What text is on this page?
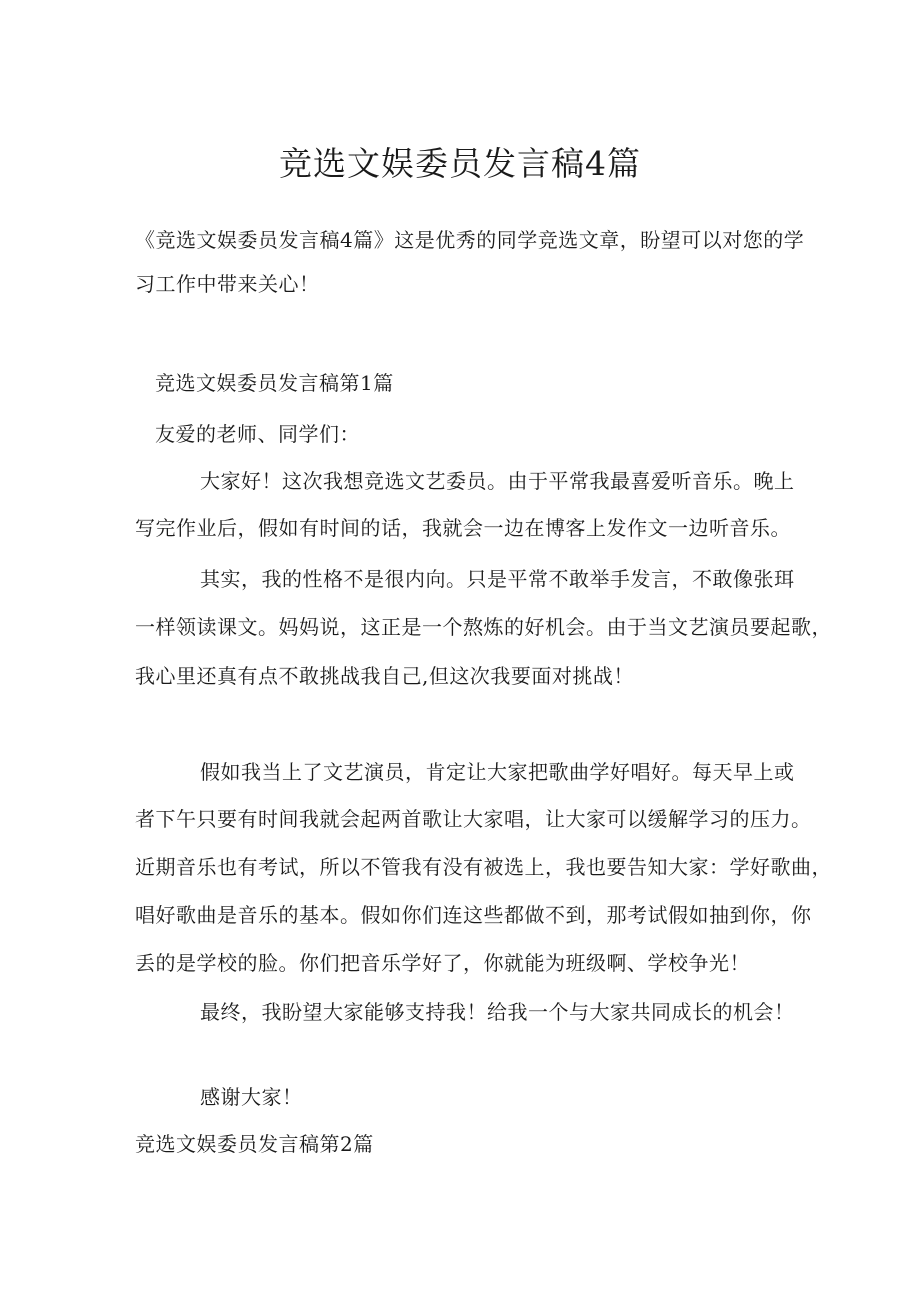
竞选文娱委员发言稿4篇
《竞选文娱委员发言稿4篇》这是优秀的同学竞选文章，盼望可以对您的学
习工作中带来关心！
竞选文娱委员发言稿第1篇
友爱的老师、同学们：
大家好！这次我想竞选文艺委员。由于平常我最喜爱听音乐。晚上
写完作业后，假如有时间的话，我就会一边在博客上发作文一边听音乐。
其实，我的性格不是很内向。只是平常不敢举手发言，不敢像张珥
一样领读课文。妈妈说，这正是一个熬炼的好机会。由于当文艺演员要起歌，
我心里还真有点不敢挑战我自己,但这次我要面对挑战！
假如我当上了文艺演员，肯定让大家把歌曲学好唱好。每天早上或
者下午只要有时间我就会起两首歌让大家唱，让大家可以缓解学习的压力。
近期音乐也有考试，所以不管我有没有被选上，我也要告知大家：学好歌曲，
唱好歌曲是音乐的基本。假如你们连这些都做不到，那考试假如抽到你，你
丢的是学校的脸。你们把音乐学好了，你就能为班级啊、学校争光！
最终，我盼望大家能够支持我！给我一个与大家共同成长的机会！
感谢大家！
竞选文娱委员发言稿第2篇
